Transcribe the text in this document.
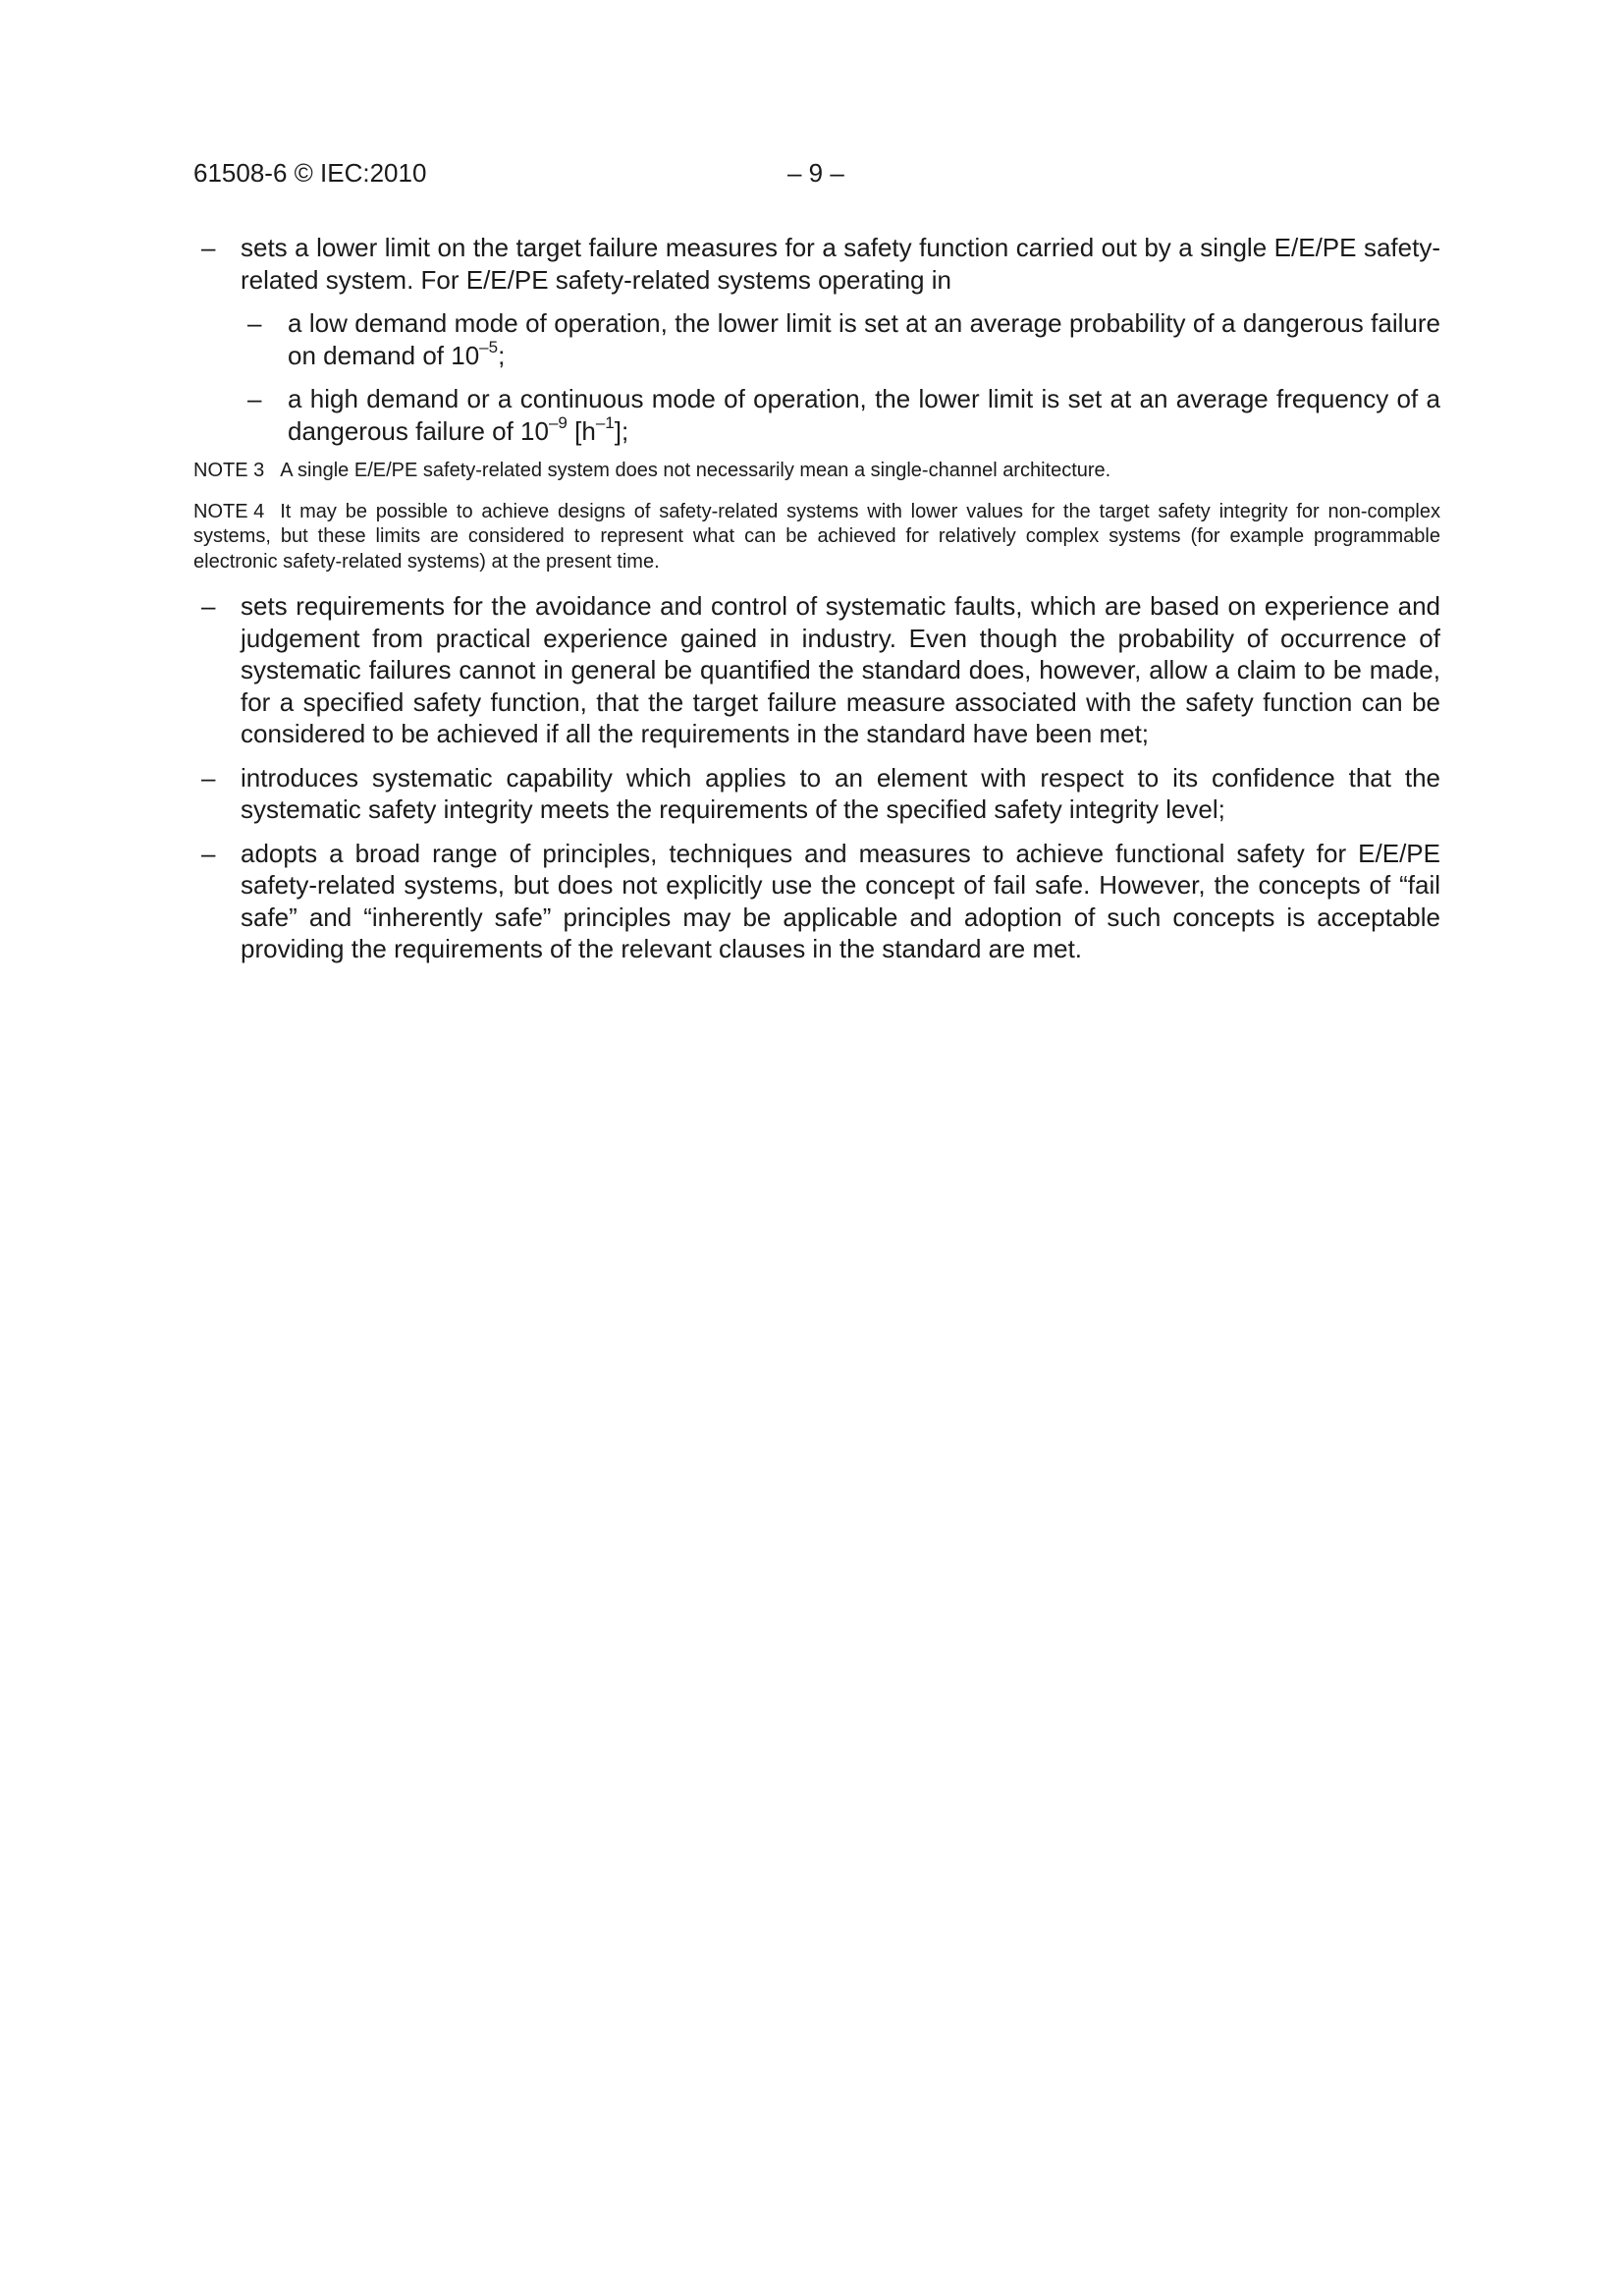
61508-6 © IEC:2010	– 9 –
– sets a lower limit on the target failure measures for a safety function carried out by a single E/E/PE safety-related system. For E/E/PE safety-related systems operating in
– a low demand mode of operation, the lower limit is set at an average probability of a dangerous failure on demand of $10^{-5}$;
– a high demand or a continuous mode of operation, the lower limit is set at an average frequency of a dangerous failure of $10^{-9}$ $[h^{-1}]$;
NOTE 3 A single E/E/PE safety-related system does not necessarily mean a single-channel architecture.
NOTE 4 It may be possible to achieve designs of safety-related systems with lower values for the target safety integrity for non-complex systems, but these limits are considered to represent what can be achieved for relatively complex systems (for example programmable electronic safety-related systems) at the present time.
– sets requirements for the avoidance and control of systematic faults, which are based on experience and judgement from practical experience gained in industry. Even though the probability of occurrence of systematic failures cannot in general be quantified the standard does, however, allow a claim to be made, for a specified safety function, that the target failure measure associated with the safety function can be considered to be achieved if all the requirements in the standard have been met;
– introduces systematic capability which applies to an element with respect to its confidence that the systematic safety integrity meets the requirements of the specified safety integrity level;
– adopts a broad range of principles, techniques and measures to achieve functional safety for E/E/PE safety-related systems, but does not explicitly use the concept of fail safe. However, the concepts of “fail safe” and “inherently safe” principles may be applicable and adoption of such concepts is acceptable providing the requirements of the relevant clauses in the standard are met.
